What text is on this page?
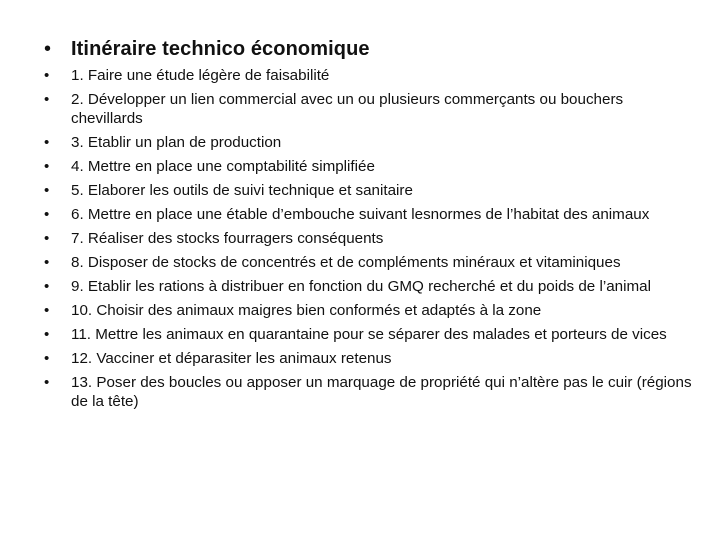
• Itinéraire technico économique
•	1. Faire une étude légère de faisabilité
•	2. Développer un lien commercial avec un ou plusieurs commerçants ou bouchers chevillards
•	3. Etablir un plan de production
•	4. Mettre en place une comptabilité simplifiée
•	5. Elaborer les outils de suivi technique et sanitaire
•	6. Mettre en place une étable d’embouche suivant lesnormes de l’habitat des animaux
•	7. Réaliser des stocks fourragers conséquents
•	8. Disposer de stocks de concentrés et de compléments minéraux et vitaminiques
•	9. Etablir les rations à distribuer en fonction du GMQ recherché et du poids de l’animal
•	10. Choisir des animaux maigres bien conformés et adaptés à la zone
•	11. Mettre les animaux en quarantaine pour se séparer des malades et porteurs de vices
•	12. Vacciner et déparasiter les animaux retenus
•	13. Poser des boucles ou apposer un marquage de propriété qui n’altère pas le cuir (régions de la tête)
